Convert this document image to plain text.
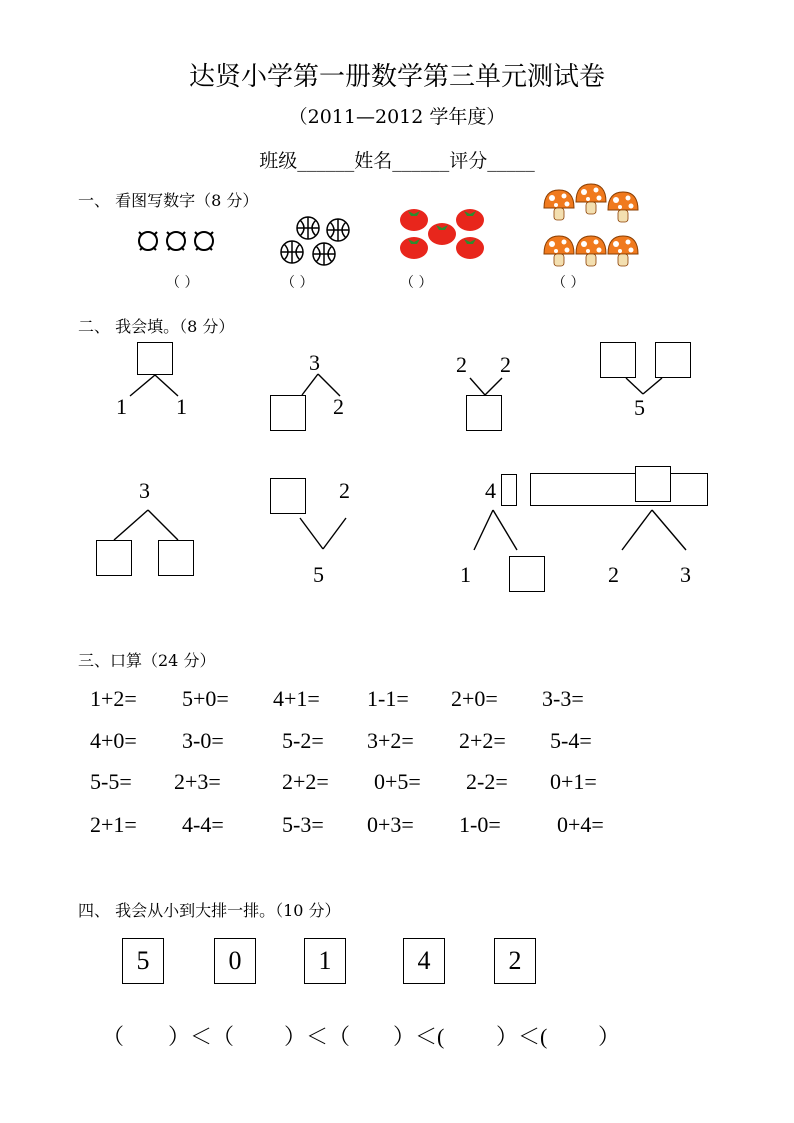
达贤小学第一册数学第三单元测试卷
（2011—2012 学年度）
班级______姓名______评分_____
一、 看图写数字（8 分）
（ ）	（ ）	（ ）	（ ）
二、 我会填。（8 分）
1 1
3
2
2 2
5
3	2
5
4
1	2	3
三、口算（24 分）
1+2= 5+0= 4+1= 1-1= 2+0= 3-3=
4+0= 3-0=	5-2= 3+2= 2+2= 5-4=
5-5= 2+3=	2+2= 0+5= 2-2= 0+1=
2+1= 4-4=	5-3= 0+3= 1-0=	0+4=
四、 我会从小到大排一排。（10 分）
5	0	1	4	2
（ ）＜（ ）＜（ ）＜( ）＜( ）
